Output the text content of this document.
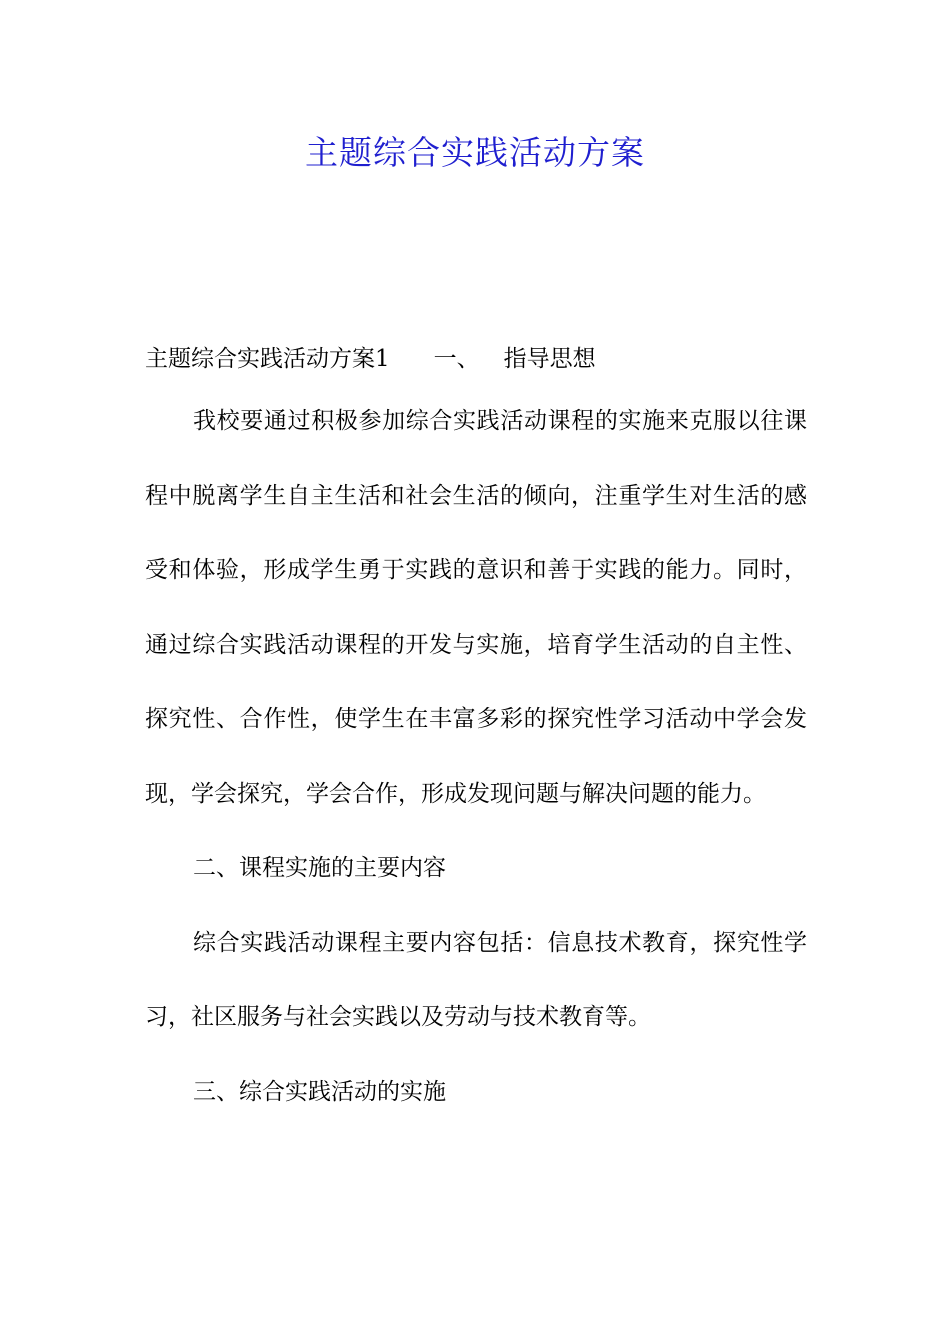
主题综合实践活动方案
主题综合实践活动方案1 一、 指导思想

我校要通过积极参加综合实践活动课程的实施来克服以往课程中脱离学生自主生活和社会生活的倾向，注重学生对生活的感受和体验，形成学生勇于实践的意识和善于实践的能力。同时，通过综合实践活动课程的开发与实施，培育学生活动的自主性、探究性、合作性，使学生在丰富多彩的探究性学习活动中学会发现，学会探究，学会合作，形成发现问题与解决问题的能力。

二、课程实施的主要内容

综合实践活动课程主要内容包括：信息技术教育，探究性学习，社区服务与社会实践以及劳动与技术教育等。

三、综合实践活动的实施
